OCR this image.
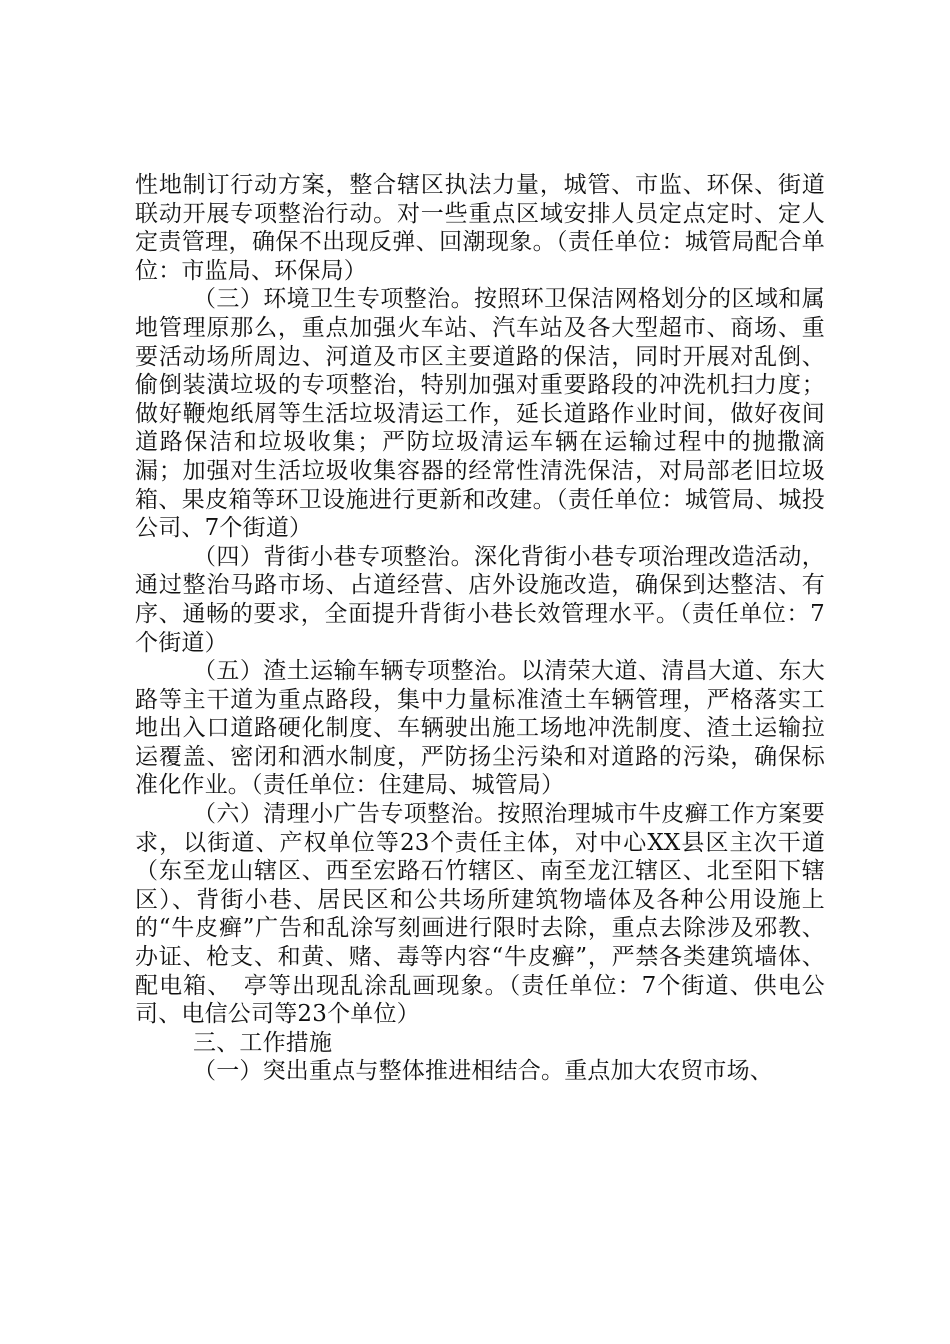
性地制订行动方案，整合辖区执法力量，城管、市监、环保、街道联动开展专项整治行动。对一些重点区域安排人员定点定时、定人定责管理，确保不出现反弹、回潮现象。（责任单位：城管局配合单位：市监局、环保局）

（三）环境卫生专项整治。按照环卫保洁网格划分的区域和属地管理原那么，重点加强火车站、汽车站及各大型超市、商场、重要活动场所周边、河道及市区主要道路的保洁，同时开展对乱倒、偷倒装潢垃圾的专项整治，特别加强对重要路段的冲洗机扫力度；做好鞭炮纸屑等生活垃圾清运工作，延长道路作业时间，做好夜间道路保洁和垃圾收集；严防垃圾清运车辆在运输过程中的抛撒滴漏；加强对生活垃圾收集容器的经常性清洗保洁，对局部老旧垃圾箱、果皮箱等环卫设施进行更新和改建。（责任单位：城管局、城投公司、7个街道）

（四）背街小巷专项整治。深化背街小巷专项治理改造活动，通过整治马路市场、占道经营、店外设施改造，确保到达整洁、有序、通畅的要求，全面提升背街小巷长效管理水平。（责任单位：7个街道）

（五）渣土运输车辆专项整治。以清荣大道、清昌大道、东大路等主干道为重点路段，集中力量标准渣土车辆管理，严格落实工地出入口道路硬化制度、车辆驶出施工场地冲洗制度、渣土运输拉运覆盖、密闭和洒水制度，严防扬尘污染和对道路的污染，确保标准化作业。（责任单位：住建局、城管局）

（六）清理小广告专项整治。按照治理城市牛皮癣工作方案要求，以街道、产权单位等23个责任主体，对中心XX县区主次干道（东至龙山辖区、西至宏路石竹辖区、南至龙江辖区、北至阳下辖区）、背街小巷、居民区和公共场所建筑物墙体及各种公用设施上的“牛皮癣”广告和乱涂写刻画进行限时去除，重点去除涉及邪教、办证、枪支、和黄、赌、毒等内容“牛皮癣”，严禁各类建筑墙体、配电箱、　亭等出现乱涂乱画现象。（责任单位：7个街道、供电公司、电信公司等23个单位）

三、工作措施

（一）突出重点与整体推进相结合。重点加大农贸市场、
